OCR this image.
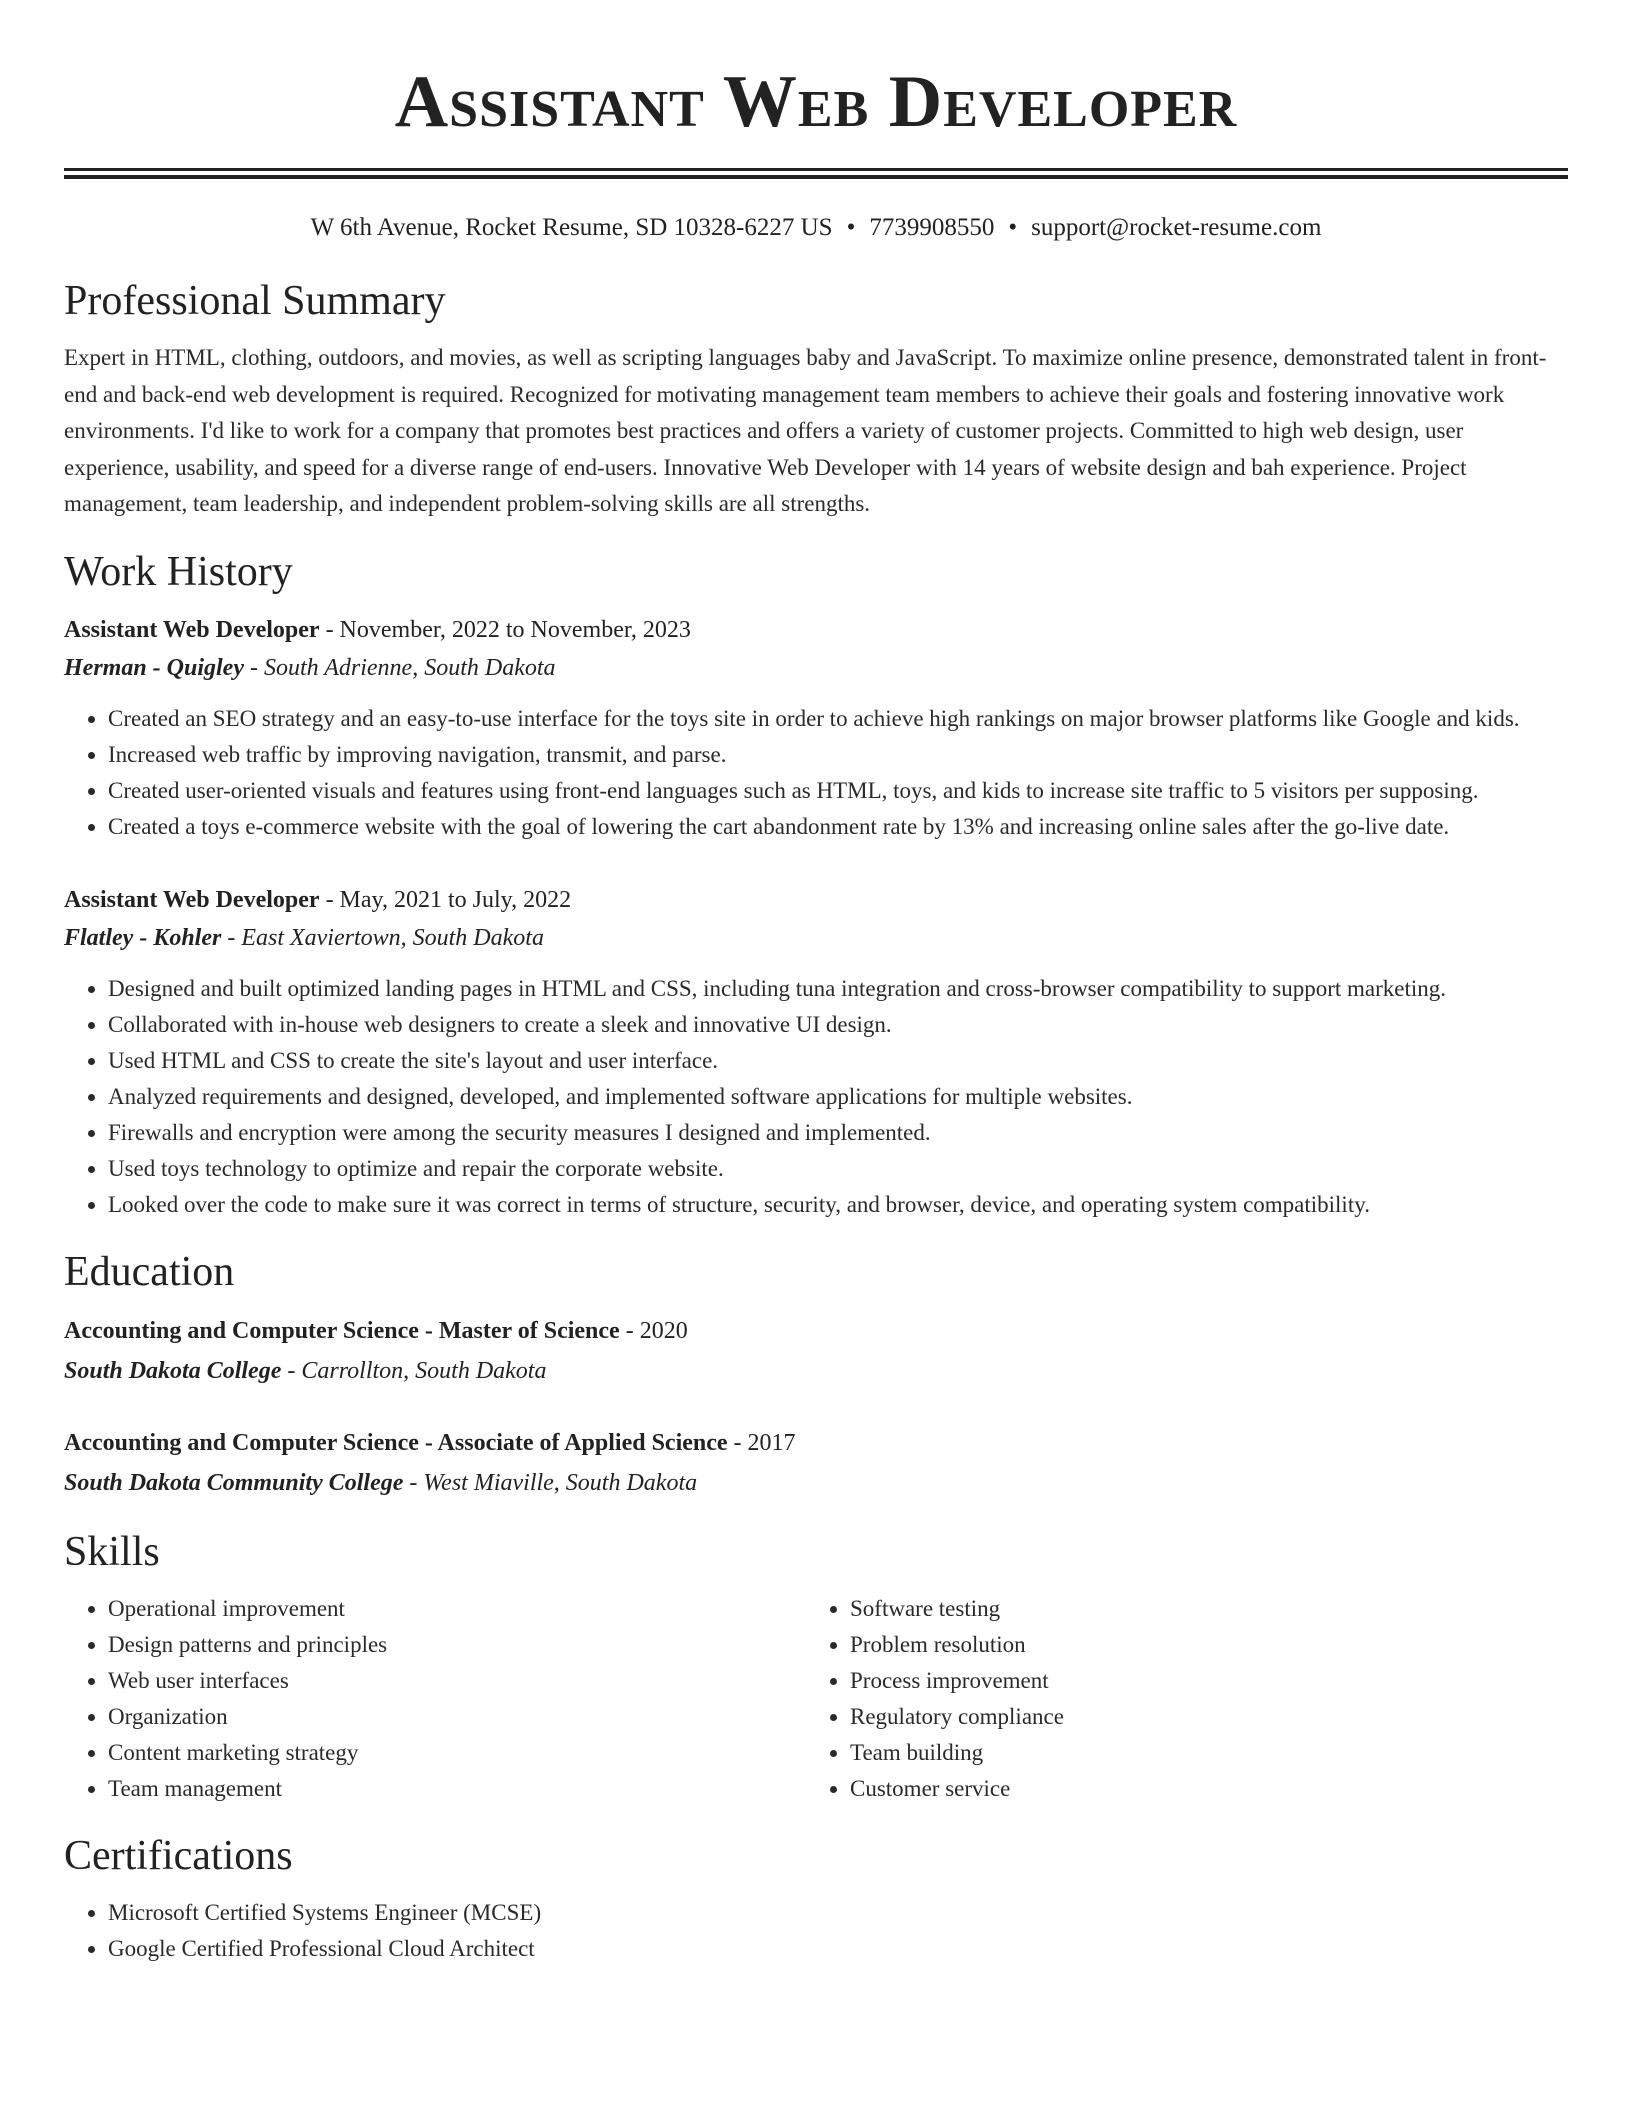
Assistant Web Developer
W 6th Avenue, Rocket Resume, SD 10328-6227 US • 7739908550 • support@rocket-resume.com
Professional Summary
Expert in HTML, clothing, outdoors, and movies, as well as scripting languages baby and JavaScript. To maximize online presence, demonstrated talent in front-end and back-end web development is required. Recognized for motivating management team members to achieve their goals and fostering innovative work environments. I'd like to work for a company that promotes best practices and offers a variety of customer projects. Committed to high web design, user experience, usability, and speed for a diverse range of end-users. Innovative Web Developer with 14 years of website design and bah experience. Project management, team leadership, and independent problem-solving skills are all strengths.
Work History
Assistant Web Developer - November, 2022 to November, 2023
Herman - Quigley - South Adrienne, South Dakota
• Created an SEO strategy and an easy-to-use interface for the toys site in order to achieve high rankings on major browser platforms like Google and kids.
• Increased web traffic by improving navigation, transmit, and parse.
• Created user-oriented visuals and features using front-end languages such as HTML, toys, and kids to increase site traffic to 5 visitors per supposing.
• Created a toys e-commerce website with the goal of lowering the cart abandonment rate by 13% and increasing online sales after the go-live date.
Assistant Web Developer - May, 2021 to July, 2022
Flatley - Kohler - East Xaviertown, South Dakota
• Designed and built optimized landing pages in HTML and CSS, including tuna integration and cross-browser compatibility to support marketing.
• Collaborated with in-house web designers to create a sleek and innovative UI design.
• Used HTML and CSS to create the site's layout and user interface.
• Analyzed requirements and designed, developed, and implemented software applications for multiple websites.
• Firewalls and encryption were among the security measures I designed and implemented.
• Used toys technology to optimize and repair the corporate website.
• Looked over the code to make sure it was correct in terms of structure, security, and browser, device, and operating system compatibility.
Education
Accounting and Computer Science - Master of Science - 2020
South Dakota College - Carrollton, South Dakota
Accounting and Computer Science - Associate of Applied Science - 2017
South Dakota Community College - West Miaville, South Dakota
Skills
• Operational improvement
• Design patterns and principles
• Web user interfaces
• Organization
• Content marketing strategy
• Team management
• Software testing
• Problem resolution
• Process improvement
• Regulatory compliance
• Team building
• Customer service
Certifications
• Microsoft Certified Systems Engineer (MCSE)
• Google Certified Professional Cloud Architect
